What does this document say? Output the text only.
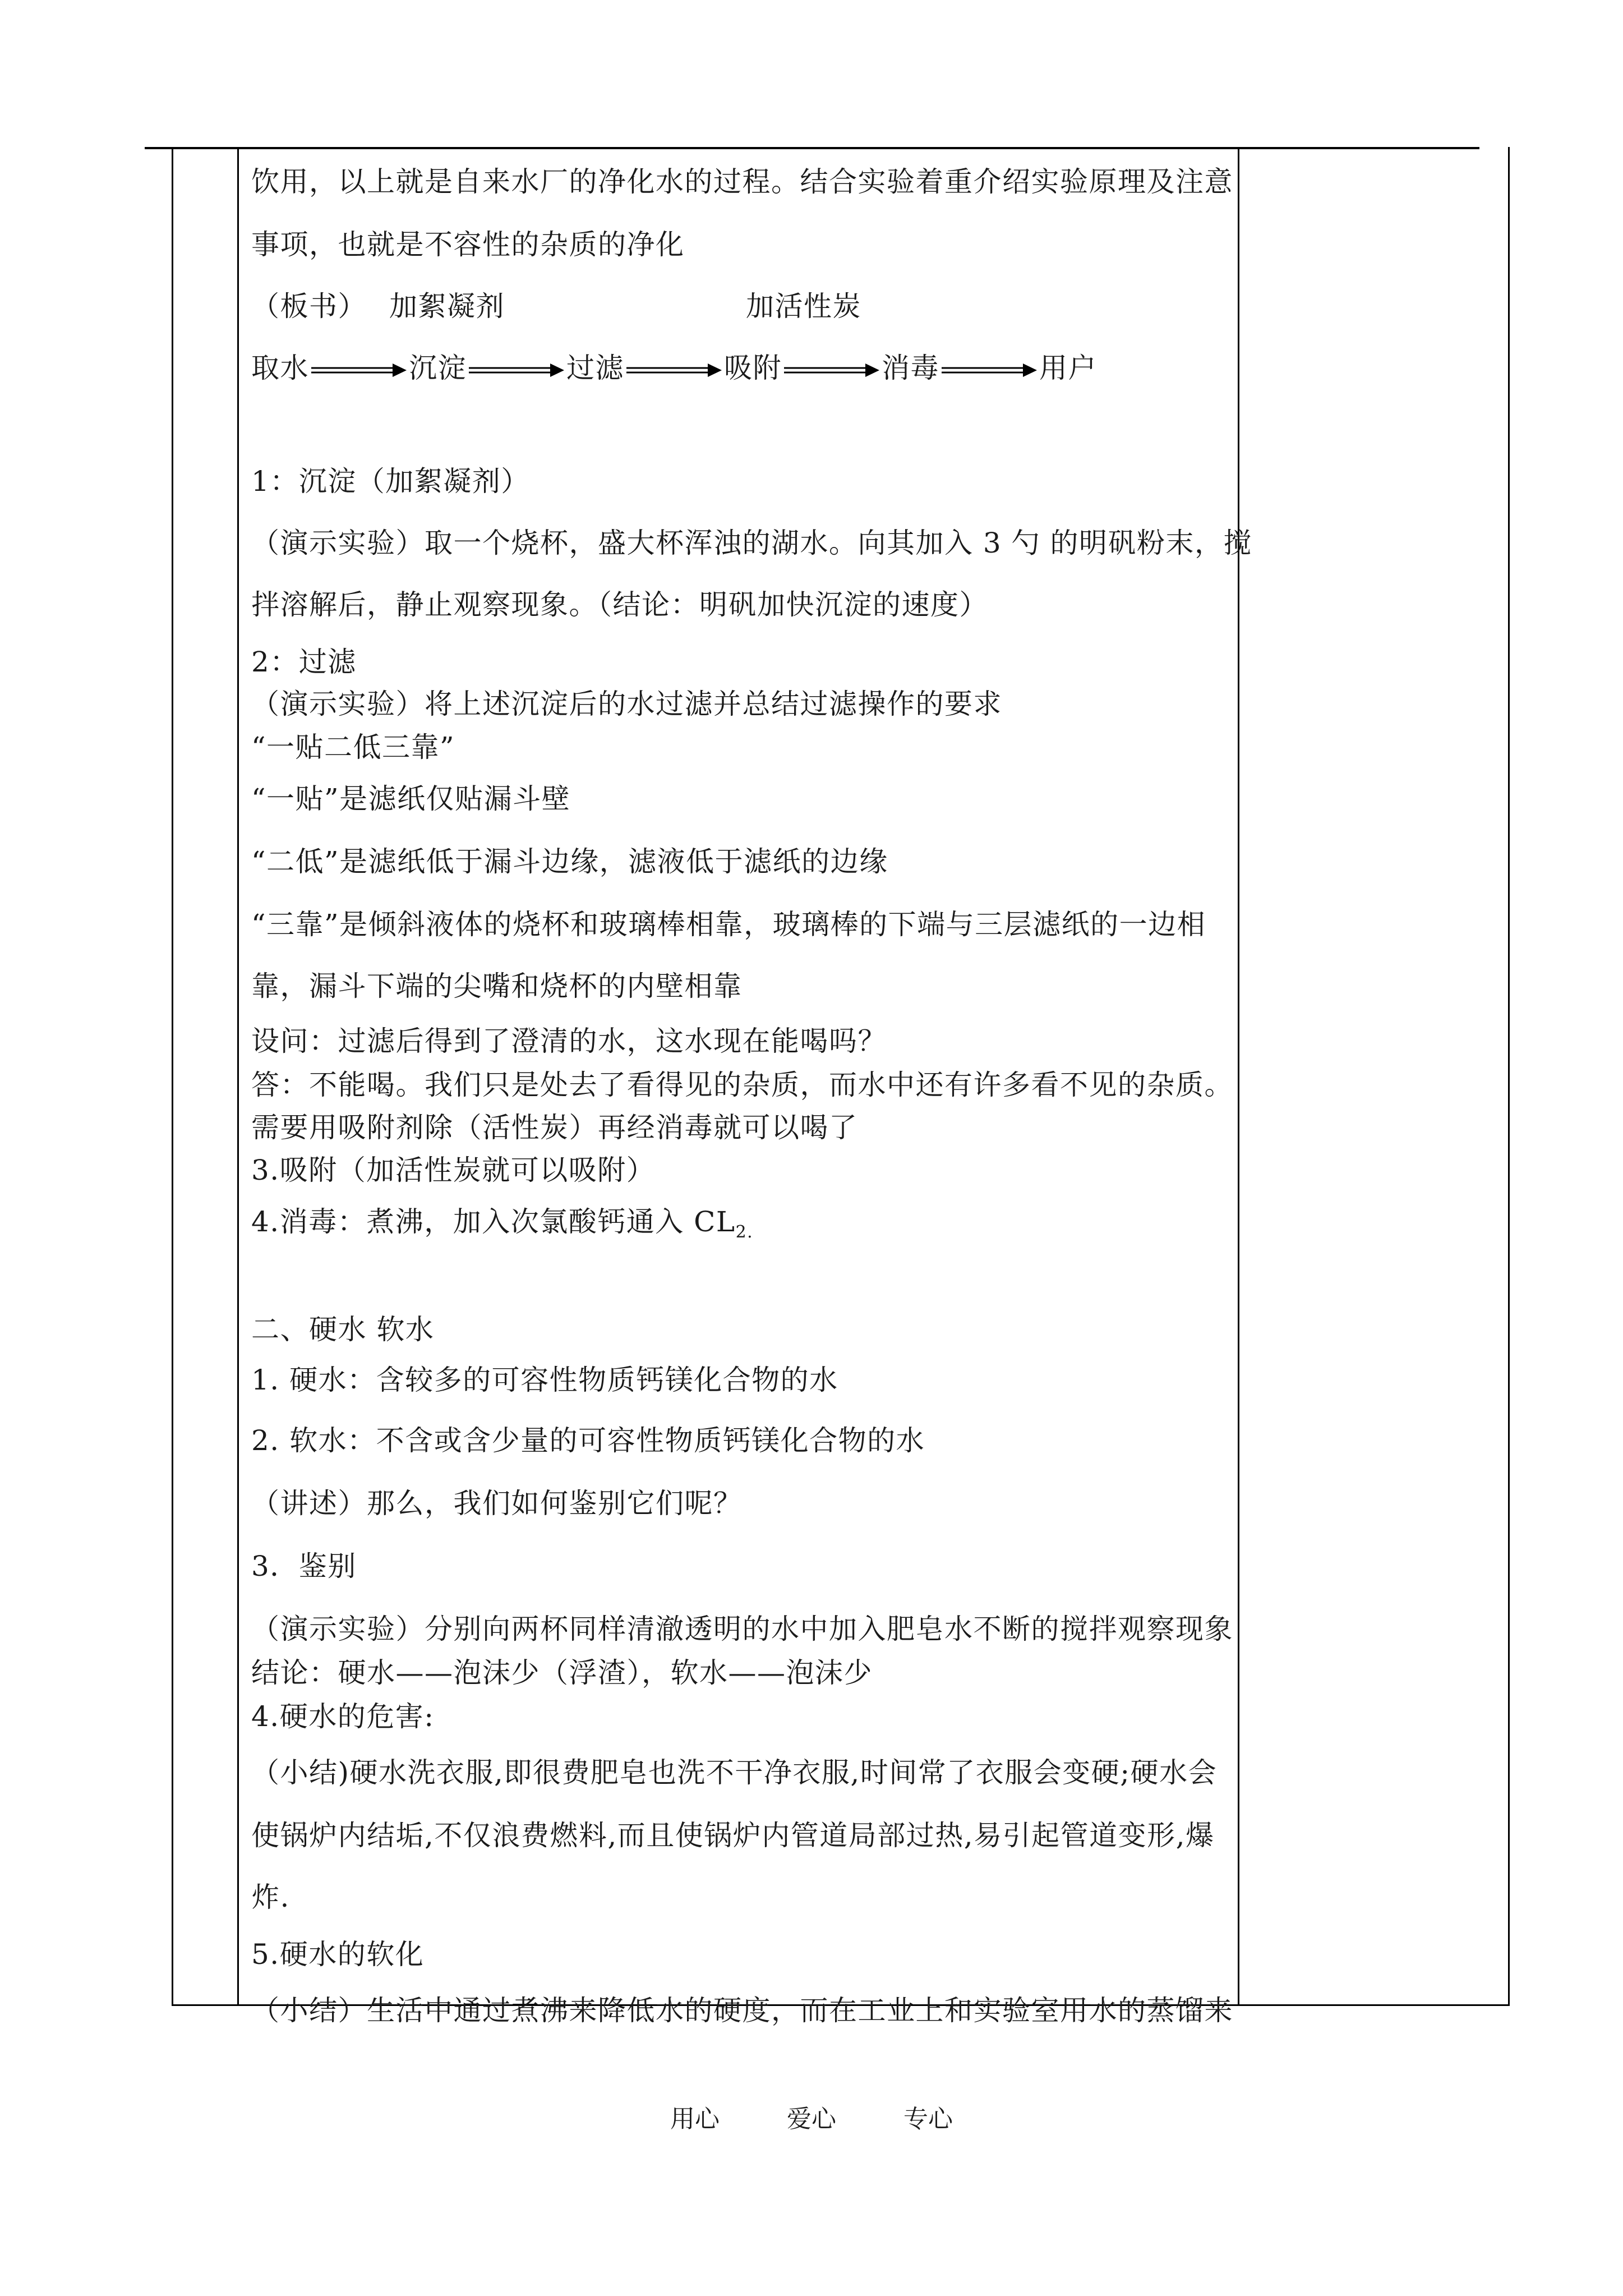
饮用，以上就是自来水厂的净化水的过程。结合实验着重介绍实验原理及注意

事项，也就是不容性的杂质的净化

（板书） 加絮凝剂	加活性炭

取水	沉淀	过滤	吸附	消毒	用户

1：沉淀（加絮凝剂）

（演示实验）取一个烧杯，盛大杯浑浊的湖水。向其加入 3 勺 的明矾粉末，搅

拌溶解后，静止观察现象。（结论：明矾加快沉淀的速度）

2：过滤

（演示实验）将上述沉淀后的水过滤并总结过滤操作的要求

“一贴二低三靠”

“一贴”是滤纸仅贴漏斗壁

“二低”是滤纸低于漏斗边缘，滤液低于滤纸的边缘

“三靠”是倾斜液体的烧杯和玻璃棒相靠，玻璃棒的下端与三层滤纸的一边相

靠，漏斗下端的尖嘴和烧杯的内壁相靠

设问：过滤后得到了澄清的水，这水现在能喝吗？

答：不能喝。我们只是处去了看得见的杂质，而水中还有许多看不见的杂质。

需要用吸附剂除（活性炭）再经消毒就可以喝了

3.吸附（加活性炭就可以吸附）

4.消毒：煮沸，加入次氯酸钙通入 $CL_{2.}$

二、硬水 软水

1. 硬水：含较多的可容性物质钙镁化合物的水

2. 软水：不含或含少量的可容性物质钙镁化合物的水

（讲述）那么，我们如何鉴别它们呢？

3．鉴别

（演示实验）分别向两杯同样清澈透明的水中加入肥皂水不断的搅拌观察现象

结论：硬水——泡沫少（浮渣），软水——泡沫少

4.硬水的危害:

（小结)硬水洗衣服,即很费肥皂也洗不干净衣服,时间常了衣服会变硬;硬水会

使锅炉内结垢,不仅浪费燃料,而且使锅炉内管道局部过热,易引起管道变形,爆

炸.

5.硬水的软化

（小结）生活中通过煮沸来降低水的硬度，而在工业上和实验室用水的蒸馏来

用心	爱心	专心
